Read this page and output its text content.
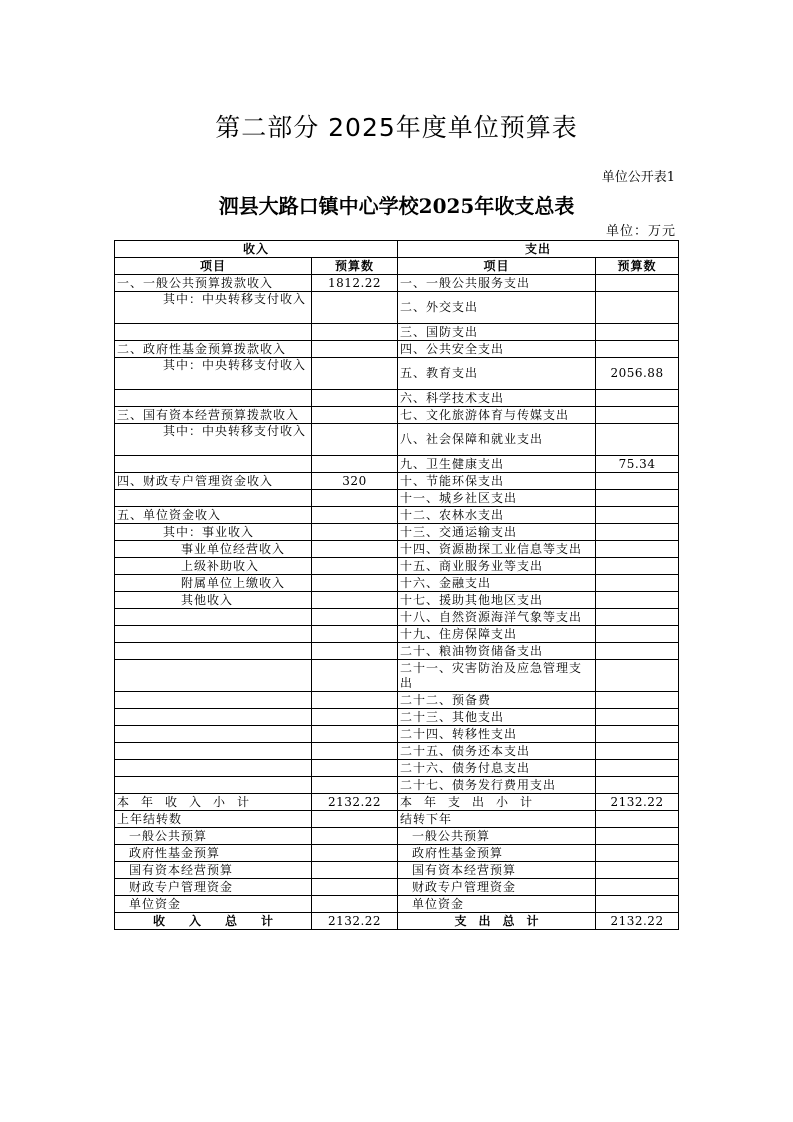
第二部分 2025年度单位预算表
单位公开表1
泗县大路口镇中心学校2025年收支总表
单位：万元
收入		支出	
项目	预算数	项目	预算数
一、一般公共预算拨款收入	1812.22	一、一般公共服务支出	
其中：中央转移支付收入		二、外交支出	
		三、国防支出	
二、政府性基金预算拨款收入		四、公共安全支出	
其中：中央转移支付收入		五、教育支出	2056.88
		六、科学技术支出	
三、国有资本经营预算拨款收入		七、文化旅游体育与传媒支出	
其中：中央转移支付收入		八、社会保障和就业支出	
		九、卫生健康支出	75.34
四、财政专户管理资金收入	320	十、节能环保支出	
		十一、城乡社区支出	
五、单位资金收入		十二、农林水支出	
其中：事业收入		十三、交通运输支出	
事业单位经营收入		十四、资源勘探工业信息等支出	
上级补助收入		十五、商业服务业等支出	
附属单位上缴收入		十六、金融支出	
其他收入		十七、援助其他地区支出	
		十八、自然资源海洋气象等支出	
		十九、住房保障支出	
		二十、粮油物资储备支出	
		二十一、灾害防治及应急管理支出	
		二十二、预备费	
		二十三、其他支出	
		二十四、转移性支出	
		二十五、债务还本支出	
		二十六、债务付息支出	
		二十七、债务发行费用支出	
本　年　收　入　小　计	2132.22	本　年　支　出　小　计	2132.22
上年结转数		结转下年	
一般公共预算		一般公共预算	
政府性基金预算		政府性基金预算	
国有资本经营预算		国有资本经营预算	
财政专户管理资金		财政专户管理资金	
单位资金		单位资金	
收　　入　　总　　计	2132.22	支　出　总　计	2132.22
